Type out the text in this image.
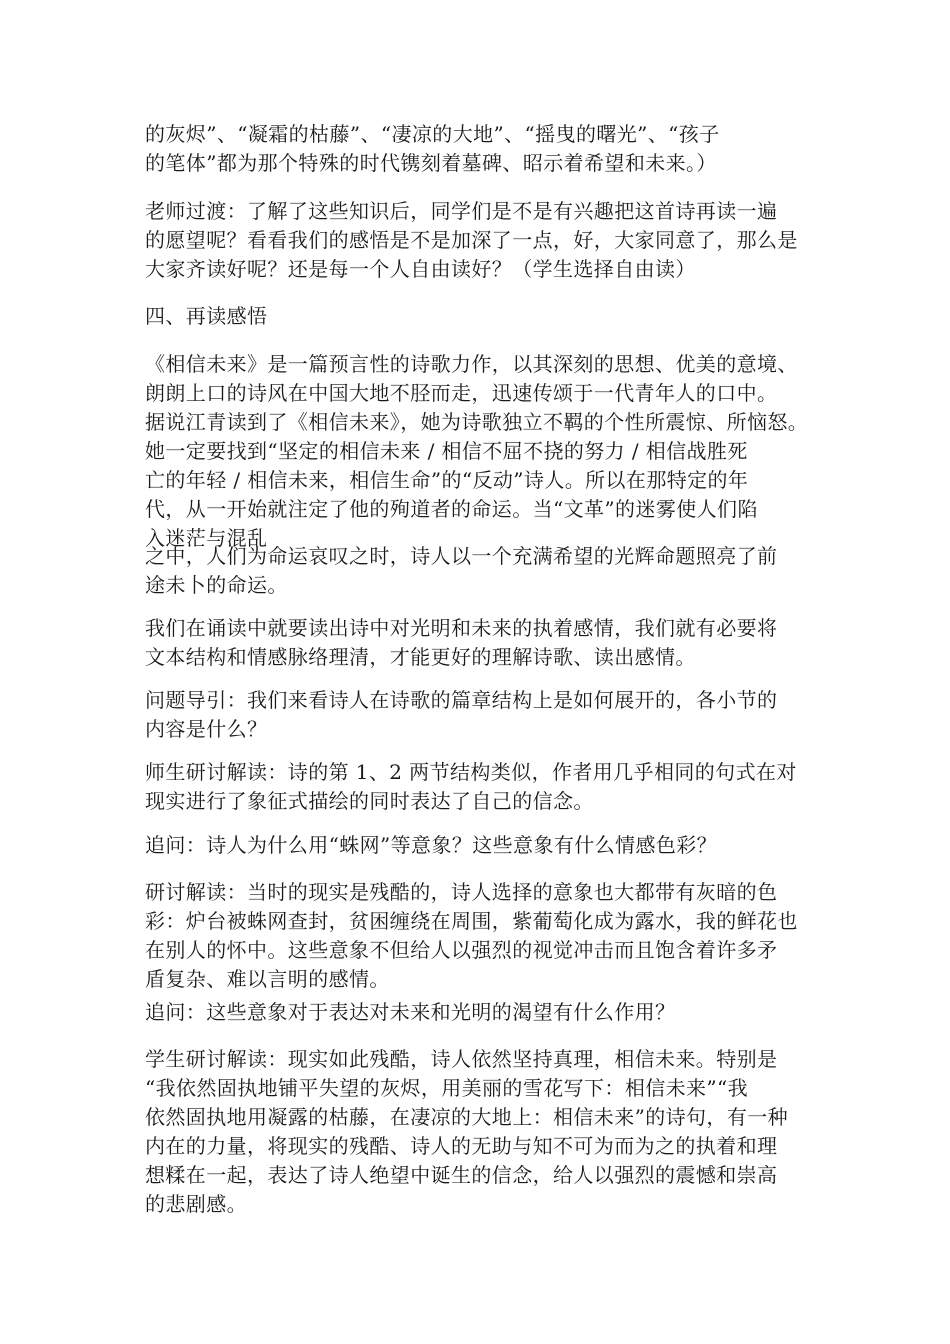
的灰烬”、“凝霜的枯藤”、“凄凉的大地”、“摇曳的曙光”、“孩子
的笔体”都为那个特殊的时代镌刻着墓碑、昭示着希望和未来。）
老师过渡：了解了这些知识后，同学们是不是有兴趣把这首诗再读一遍
的愿望呢？看看我们的感悟是不是加深了一点，好，大家同意了，那么是
大家齐读好呢？还是每一个人自由读好？（学生选择自由读）
四、再读感悟
《相信未来》是一篇预言性的诗歌力作，以其深刻的思想、优美的意境、
朗朗上口的诗风在中国大地不胫而走，迅速传颂于一代青年人的口中。
据说江青读到了《相信未来》，她为诗歌独立不羁的个性所震惊、所恼怒。
她一定要找到“坚定的相信未来 / 相信不屈不挠的努力 / 相信战胜死
亡的年轻 / 相信未来，相信生命”的“反动”诗人。所以在那特定的年
代，从一开始就注定了他的殉道者的命运。当“文革”的迷雾使人们陷
入迷茫与混乱
之中，人们为命运哀叹之时，诗人以一个充满希望的光辉命题照亮了前
途未卜的命运。
我们在诵读中就要读出诗中对光明和未来的执着感情，我们就有必要将
文本结构和情感脉络理清，才能更好的理解诗歌、读出感情。
问题导引：我们来看诗人在诗歌的篇章结构上是如何展开的，各小节的
内容是什么？
师生研讨解读：诗的第 1、2 两节结构类似，作者用几乎相同的句式在对
现实进行了象征式描绘的同时表达了自己的信念。
追问：诗人为什么用“蛛网”等意象？这些意象有什么情感色彩？
研讨解读：当时的现实是残酷的，诗人选择的意象也大都带有灰暗的色
彩：炉台被蛛网查封，贫困缠绕在周围，紫葡萄化成为露水，我的鲜花也
在别人的怀中。这些意象不但给人以强烈的视觉冲击而且饱含着许多矛
盾复杂、难以言明的感情。
追问：这些意象对于表达对未来和光明的渴望有什么作用？
学生研讨解读：现实如此残酷，诗人依然坚持真理，相信未来。特别是
“我依然固执地铺平失望的灰烬，用美丽的雪花写下：相信未来”“我
依然固执地用凝露的枯藤，在凄凉的大地上：相信未来”的诗句，有一种
内在的力量，将现实的残酷、诗人的无助与知不可为而为之的执着和理
想糅在一起，表达了诗人绝望中诞生的信念，给人以强烈的震憾和崇高
的悲剧感。
